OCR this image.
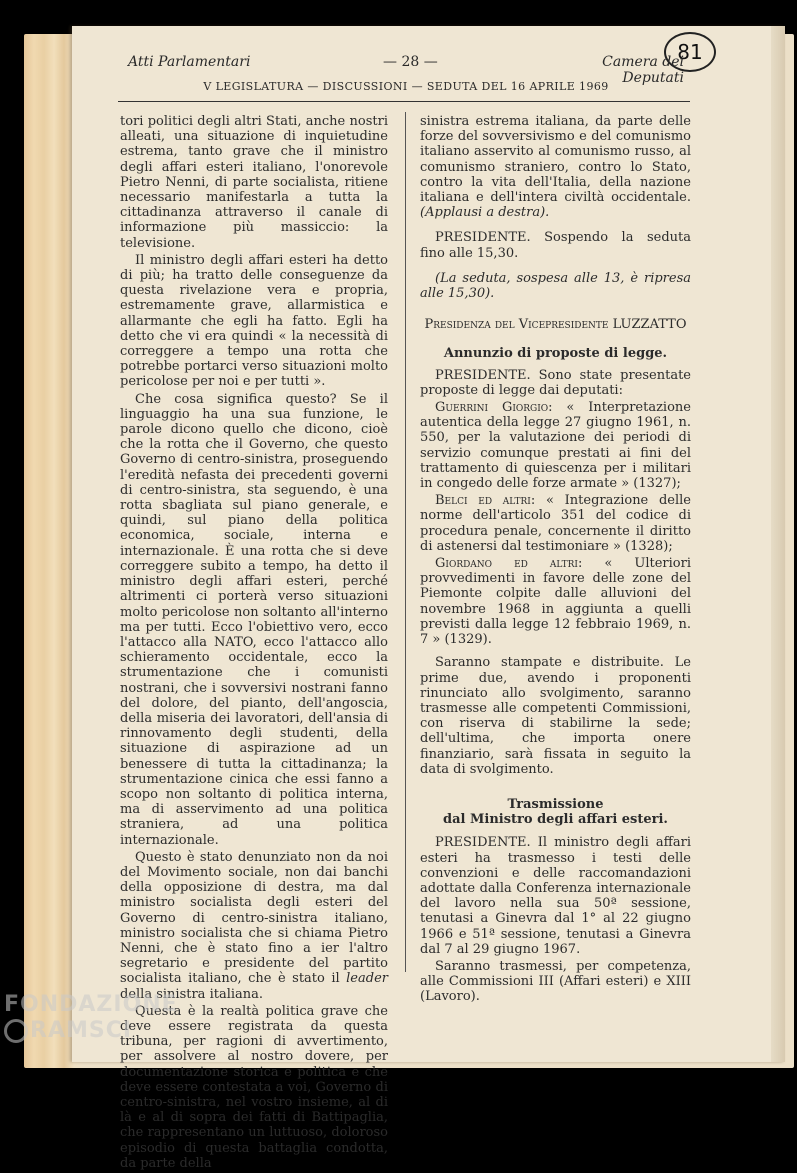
81
Atti Parlamentari	— 28 —	Camera dei Deputati
V LEGISLATURA — DISCUSSIONI — SEDUTA DEL 16 APRILE 1969

tori politici degli altri Stati, anche nostri alleati, una situazione di inquietudine estrema, tanto grave che il ministro degli affari esteri italiano, l'onorevole Pietro Nenni, di parte socialista, ritiene necessario manifestarla a tutta la cittadinanza attraverso il canale di informazione più massiccio: la televisione.

Il ministro degli affari esteri ha detto di più; ha tratto delle conseguenze da questa rivelazione vera e propria, estremamente grave, allarmistica e allarmante che egli ha fatto. Egli ha detto che vi era quindi « la necessità di correggere a tempo una rotta che potrebbe portarci verso situazioni molto pericolose per noi e per tutti ».

Che cosa significa questo? Se il linguaggio ha una sua funzione, le parole dicono quello che dicono, cioè che la rotta che il Governo, che questo Governo di centro-sinistra, proseguendo l'eredità nefasta dei precedenti governi di centro-sinistra, sta seguendo, è una rotta sbagliata sul piano generale, e quindi, sul piano della politica economica, sociale, interna e internazionale. È una rotta che si deve correggere subito a tempo, ha detto il ministro degli affari esteri, perché altrimenti ci porterà verso situazioni molto pericolose non soltanto all'interno ma per tutti. Ecco l'obiettivo vero, ecco l'attacco alla NATO, ecco l'attacco allo schieramento occidentale, ecco la strumentazione che i comunisti nostrani, che i sovversivi nostrani fanno del dolore, del pianto, dell'angoscia, della miseria dei lavoratori, dell'ansia di rinnovamento degli studenti, della situazione di aspirazione ad un benessere di tutta la cittadinanza; la strumentazione cinica che essi fanno a scopo non soltanto di politica interna, ma di asservimento ad una politica straniera, ad una politica internazionale.

Questo è stato denunziato non da noi del Movimento sociale, non dai banchi della opposizione di destra, ma dal ministro socialista degli esteri del Governo di centro-sinistra italiano, ministro socialista che si chiama Pietro Nenni, che è stato fino a ier l'altro segretario e presidente del partito socialista italiano, che è stato il leader della sinistra italiana.

Questa è la realtà politica grave che deve essere registrata da questa tribuna, per ragioni di avvertimento, per assolvere al nostro dovere, per documentazione storica e politica e che deve essere contestata a voi, Governo di centro-sinistra, nel vostro insieme, al di là e al di sopra dei fatti di Battipaglia, che rappresentano un luttuoso, doloroso episodio di questa battaglia condotta, da parte della

sinistra estrema italiana, da parte delle forze del sovversivismo e del comunismo italiano asservito al comunismo russo, al comunismo straniero, contro lo Stato, contro la vita dell'Italia, della nazione italiana e dell'intera civiltà occidentale. (Applausi a destra).

PRESIDENTE. Sospendo la seduta fino alle 15,30.

(La seduta, sospesa alle 13, è ripresa alle 15,30).

Presidenza del Vicepresidente LUZZATTO

Annunzio di proposte di legge.

PRESIDENTE. Sono state presentate proposte di legge dai deputati:

Guerrini Giorgio: « Interpretazione autentica della legge 27 giugno 1961, n. 550, per la valutazione dei periodi di servizio comunque prestati ai fini del trattamento di quiescenza per i militari in congedo delle forze armate » (1327);

Belci ed altri: « Integrazione delle norme dell'articolo 351 del codice di procedura penale, concernente il diritto di astenersi dal testimoniare » (1328);

Giordano ed altri: « Ulteriori provvedimenti in favore delle zone del Piemonte colpite dalle alluvioni del novembre 1968 in aggiunta a quelli previsti dalla legge 12 febbraio 1969, n. 7 » (1329).

Saranno stampate e distribuite. Le prime due, avendo i proponenti rinunciato allo svolgimento, saranno trasmesse alle competenti Commissioni, con riserva di stabilirne la sede; dell'ultima, che importa onere finanziario, sarà fissata in seguito la data di svolgimento.

Trasmissione

dal Ministro degli affari esteri.

PRESIDENTE. Il ministro degli affari esteri ha trasmesso i testi delle convenzioni e delle raccomandazioni adottate dalla Conferenza internazionale del lavoro nella sua 50ª sessione, tenutasi a Ginevra dal 1° al 22 giugno 1966 e 51ª sessione, tenutasi a Ginevra dal 7 al 29 giugno 1967.

Saranno trasmessi, per competenza, alle Commissioni III (Affari esteri) e XIII (Lavoro).

FONDAZIONE
RAMSCI
